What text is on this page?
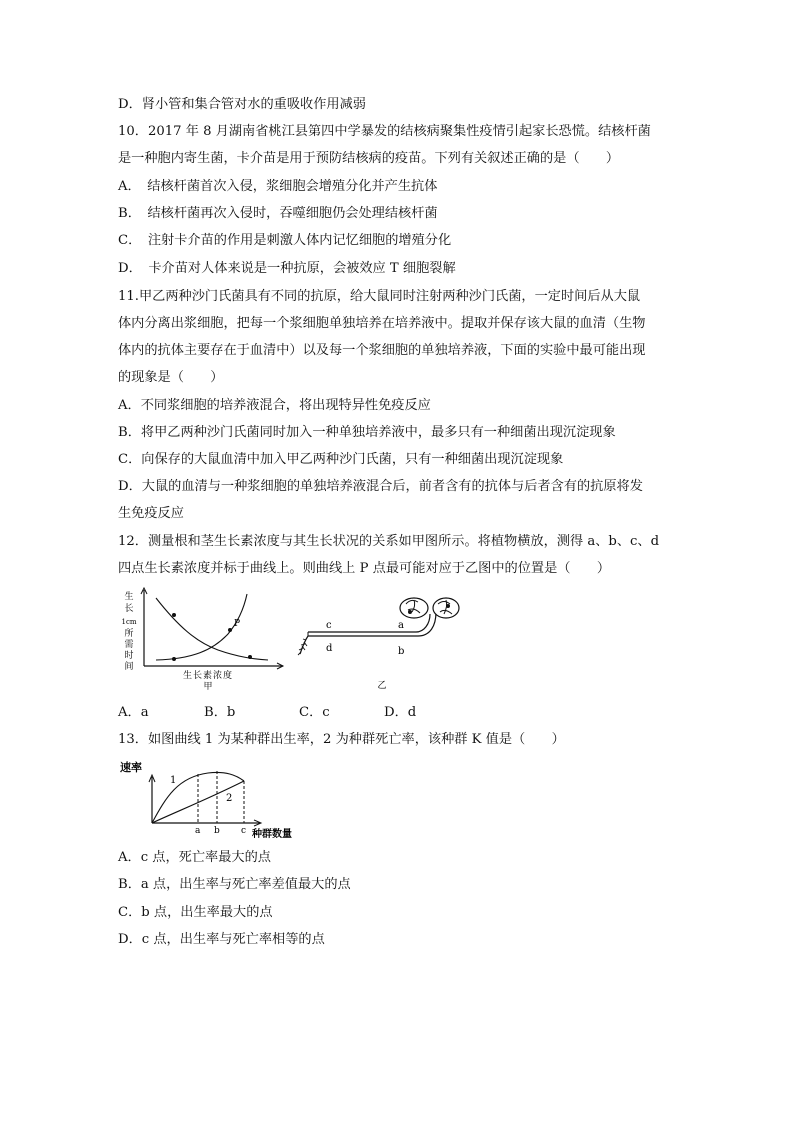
D．肾小管和集合管对水的重吸收作用减弱
10．2017 年 8 月湖南省桃江县第四中学暴发的结核病聚集性疫情引起家长恐慌。结核杆菌
是一种胞内寄生菌，卡介苗是用于预防结核病的疫苗。下列有关叙述正确的是（　　）
A．　结核杆菌首次入侵，浆细胞会增殖分化并产生抗体
B．　结核杆菌再次入侵时，吞噬细胞仍会处理结核杆菌
C．　注射卡介苗的作用是刺激人体内记忆细胞的增殖分化
D．　卡介苗对人体来说是一种抗原，会被效应 T 细胞裂解
11.甲乙两种沙门氏菌具有不同的抗原，给大鼠同时注射两种沙门氏菌，一定时间后从大鼠
体内分离出浆细胞，把每一个浆细胞单独培养在培养液中。提取并保存该大鼠的血清（生物
体内的抗体主要存在于血清中）以及每一个浆细胞的单独培养液，下面的实验中最可能出现
的现象是（　　）
A．不同浆细胞的培养液混合，将出现特异性免疫反应
B．将甲乙两种沙门氏菌同时加入一种单独培养液中，最多只有一种细菌出现沉淀现象
C．向保存的大鼠血清中加入甲乙两种沙门氏菌，只有一种细菌出现沉淀现象
D．大鼠的血清与一种浆细胞的单独培养液混合后，前者含有的抗体与后者含有的抗原将发
生免疫反应
12．测量根和茎生长素浓度与其生长状况的关系如甲图所示。将植物横放，测得 a、b、c、d
四点生长素浓度并标于曲线上。则曲线上 P 点最可能对应于乙图中的位置是（　　）
生
长
1cm
所
需
时
间
P
生长素浓度
甲
c
d
a
b
乙
A．a	B．b	C．c	D．d
13．如图曲线 1 为某种群出生率，2 为种群死亡率，该种群 K 值是（　　）
速率
1
2
a b c 种群数量
A．c 点，死亡率最大的点
B．a 点，出生率与死亡率差值最大的点
C．b 点，出生率最大的点
D．c 点，出生率与死亡率相等的点
